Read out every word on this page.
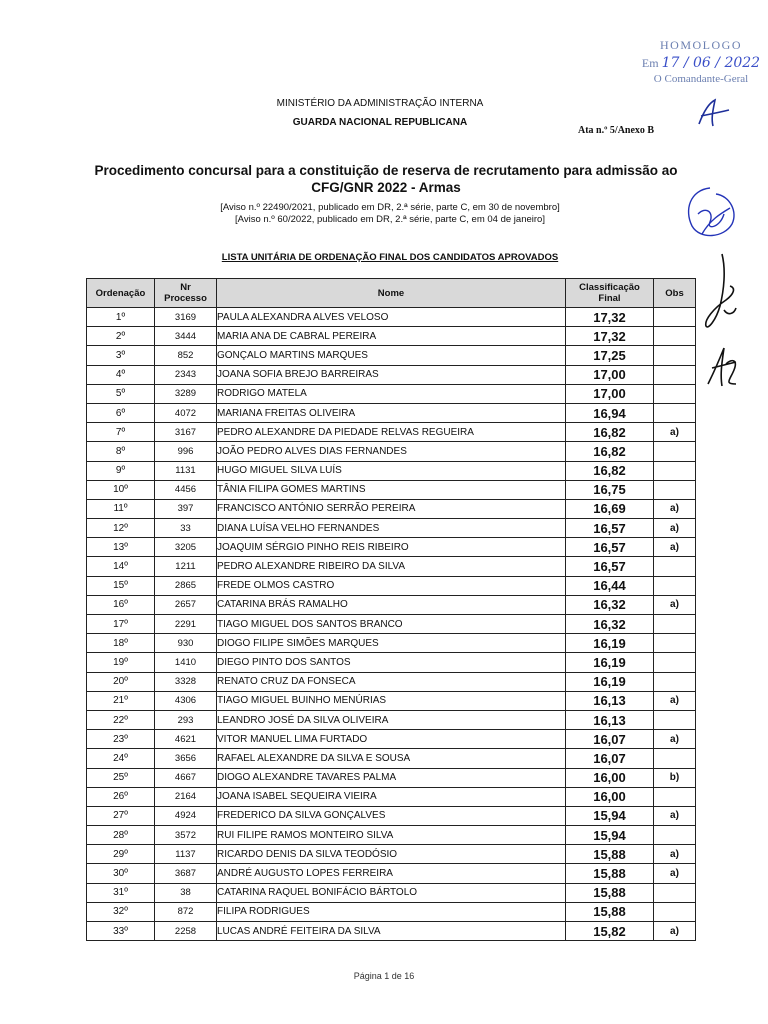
HOMOLOGO
Em 17 / 06 / 2022
O Comandante-Geral
MINISTÉRIO DA ADMINISTRAÇÃO INTERNA
GUARDA NACIONAL REPUBLICANA
Ata n.º 5/Anexo B
Procedimento concursal para a constituição de reserva de recrutamento para admissão ao CFG/GNR 2022 - Armas
[Aviso n.º 22490/2021, publicado em DR, 2.ª série, parte C, em 30 de novembro]
[Aviso n.º 60/2022, publicado em DR, 2.ª série, parte C, em 04 de janeiro]
LISTA UNITÁRIA DE ORDENAÇÃO FINAL DOS CANDIDATOS APROVADOS
Ordenação	Nr Processo	Nome	Classificação Final	Obs
1º	3169	PAULA ALEXANDRA ALVES VELOSO	17,32	
2º	3444	MARIA ANA DE CABRAL PEREIRA	17,32	
3º	852	GONÇALO MARTINS MARQUES	17,25	
4º	2343	JOANA SOFIA BREJO BARREIRAS	17,00	
5º	3289	RODRIGO MATELA	17,00	
6º	4072	MARIANA FREITAS OLIVEIRA	16,94	
7º	3167	PEDRO ALEXANDRE DA PIEDADE RELVAS REGUEIRA	16,82	a)
8º	996	JOÃO PEDRO ALVES DIAS FERNANDES	16,82	
9º	1131	HUGO MIGUEL SILVA LUÍS	16,82	
10º	4456	TÂNIA FILIPA GOMES MARTINS	16,75	
11º	397	FRANCISCO ANTÓNIO SERRÃO PEREIRA	16,69	a)
12º	33	DIANA LUÍSA VELHO FERNANDES	16,57	a)
13º	3205	JOAQUIM SÉRGIO PINHO REIS RIBEIRO	16,57	a)
14º	1211	PEDRO ALEXANDRE RIBEIRO DA SILVA	16,57	
15º	2865	FREDE OLMOS CASTRO	16,44	
16º	2657	CATARINA BRÁS RAMALHO	16,32	a)
17º	2291	TIAGO MIGUEL DOS SANTOS BRANCO	16,32	
18º	930	DIOGO FILIPE SIMÕES MARQUES	16,19	
19º	1410	DIEGO PINTO DOS SANTOS	16,19	
20º	3328	RENATO CRUZ DA FONSECA	16,19	
21º	4306	TIAGO MIGUEL BUINHO MENÚRIAS	16,13	a)
22º	293	LEANDRO JOSÉ DA SILVA OLIVEIRA	16,13	
23º	4621	VITOR MANUEL LIMA FURTADO	16,07	a)
24º	3656	RAFAEL ALEXANDRE DA SILVA E SOUSA	16,07	
25º	4667	DIOGO ALEXANDRE TAVARES PALMA	16,00	b)
26º	2164	JOANA ISABEL SEQUEIRA VIEIRA	16,00	
27º	4924	FREDERICO DA SILVA GONÇALVES	15,94	a)
28º	3572	RUI FILIPE RAMOS MONTEIRO SILVA	15,94	
29º	1137	RICARDO DENIS DA SILVA TEODÓSIO	15,88	a)
30º	3687	ANDRÉ AUGUSTO LOPES FERREIRA	15,88	a)
31º	38	CATARINA RAQUEL BONIFÁCIO BÁRTOLO	15,88	
32º	872	FILIPA RODRIGUES	15,88	
33º	2258	LUCAS ANDRÉ FEITEIRA DA SILVA	15,82	a)
Página 1 de 16
